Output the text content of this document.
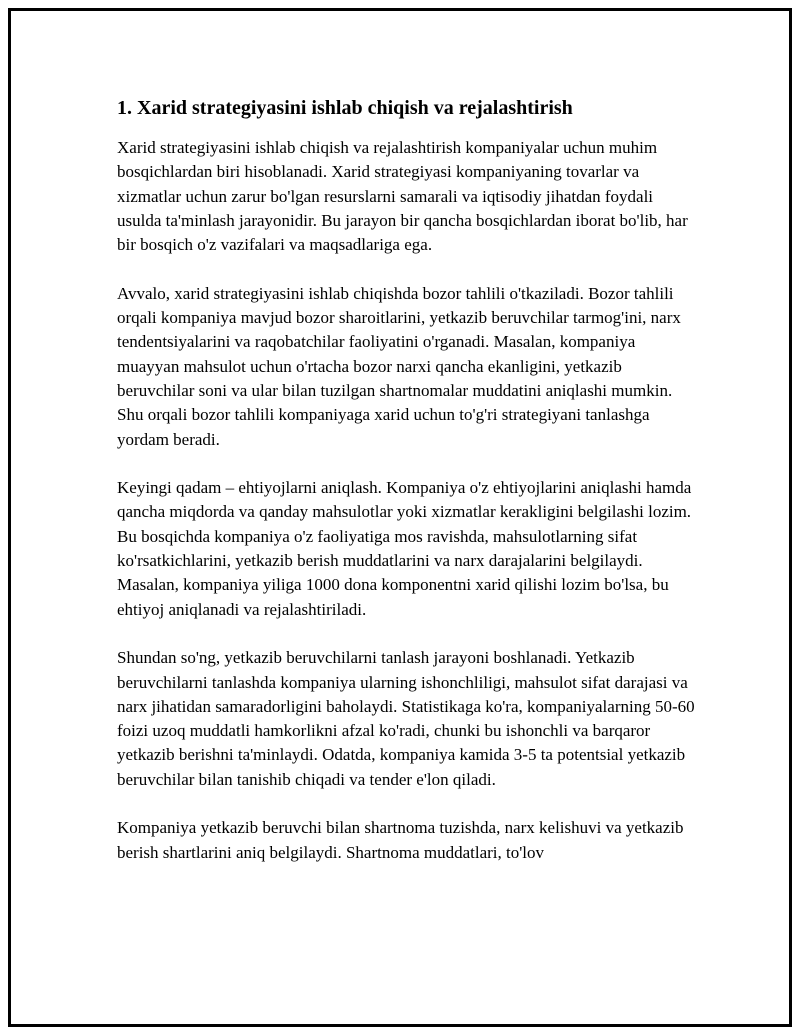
1. Xarid strategiyasini ishlab chiqish va rejalashtirish

Xarid strategiyasini ishlab chiqish va rejalashtirish kompaniyalar uchun muhim bosqichlardan biri hisoblanadi. Xarid strategiyasi kompaniyaning tovarlar va xizmatlar uchun zarur bo'lgan resurslarni samarali va iqtisodiy jihatdan foydali usulda ta'minlash jarayonidir. Bu jarayon bir qancha bosqichlardan iborat bo'lib, har bir bosqich o'z vazifalari va maqsadlariga ega.

Avvalo, xarid strategiyasini ishlab chiqishda bozor tahlili o'tkaziladi. Bozor tahlili orqali kompaniya mavjud bozor sharoitlarini, yetkazib beruvchilar tarmog'ini, narx tendentsiyalarini va raqobatchilar faoliyatini o'rganadi. Masalan, kompaniya muayyan mahsulot uchun o'rtacha bozor narxi qancha ekanligini, yetkazib beruvchilar soni va ular bilan tuzilgan shartnomalar muddatini aniqlashi mumkin. Shu orqali bozor tahlili kompaniyaga xarid uchun to'g'ri strategiyani tanlashga yordam beradi.

Keyingi qadam – ehtiyojlarni aniqlash. Kompaniya o'z ehtiyojlarini aniqlashi hamda qancha miqdorda va qanday mahsulotlar yoki xizmatlar kerakligini belgilashi lozim. Bu bosqichda kompaniya o'z faoliyatiga mos ravishda, mahsulotlarning sifat ko'rsatkichlarini, yetkazib berish muddatlarini va narx darajalarini belgilaydi. Masalan, kompaniya yiliga 1000 dona komponentni xarid qilishi lozim bo'lsa, bu ehtiyoj aniqlanadi va rejalashtiriladi.

Shundan so'ng, yetkazib beruvchilarni tanlash jarayoni boshlanadi. Yetkazib beruvchilarni tanlashda kompaniya ularning ishonchliligi, mahsulot sifat darajasi va narx jihatidan samaradorligini baholaydi. Statistikaga ko'ra, kompaniyalarning 50-60 foizi uzoq muddatli hamkorlikni afzal ko'radi, chunki bu ishonchli va barqaror yetkazib berishni ta'minlaydi. Odatda, kompaniya kamida 3-5 ta potentsial yetkazib beruvchilar bilan tanishib chiqadi va tender e'lon qiladi.

Kompaniya yetkazib beruvchi bilan shartnoma tuzishda, narx kelishuvi va yetkazib berish shartlarini aniq belgilaydi. Shartnoma muddatlari, to'lov
